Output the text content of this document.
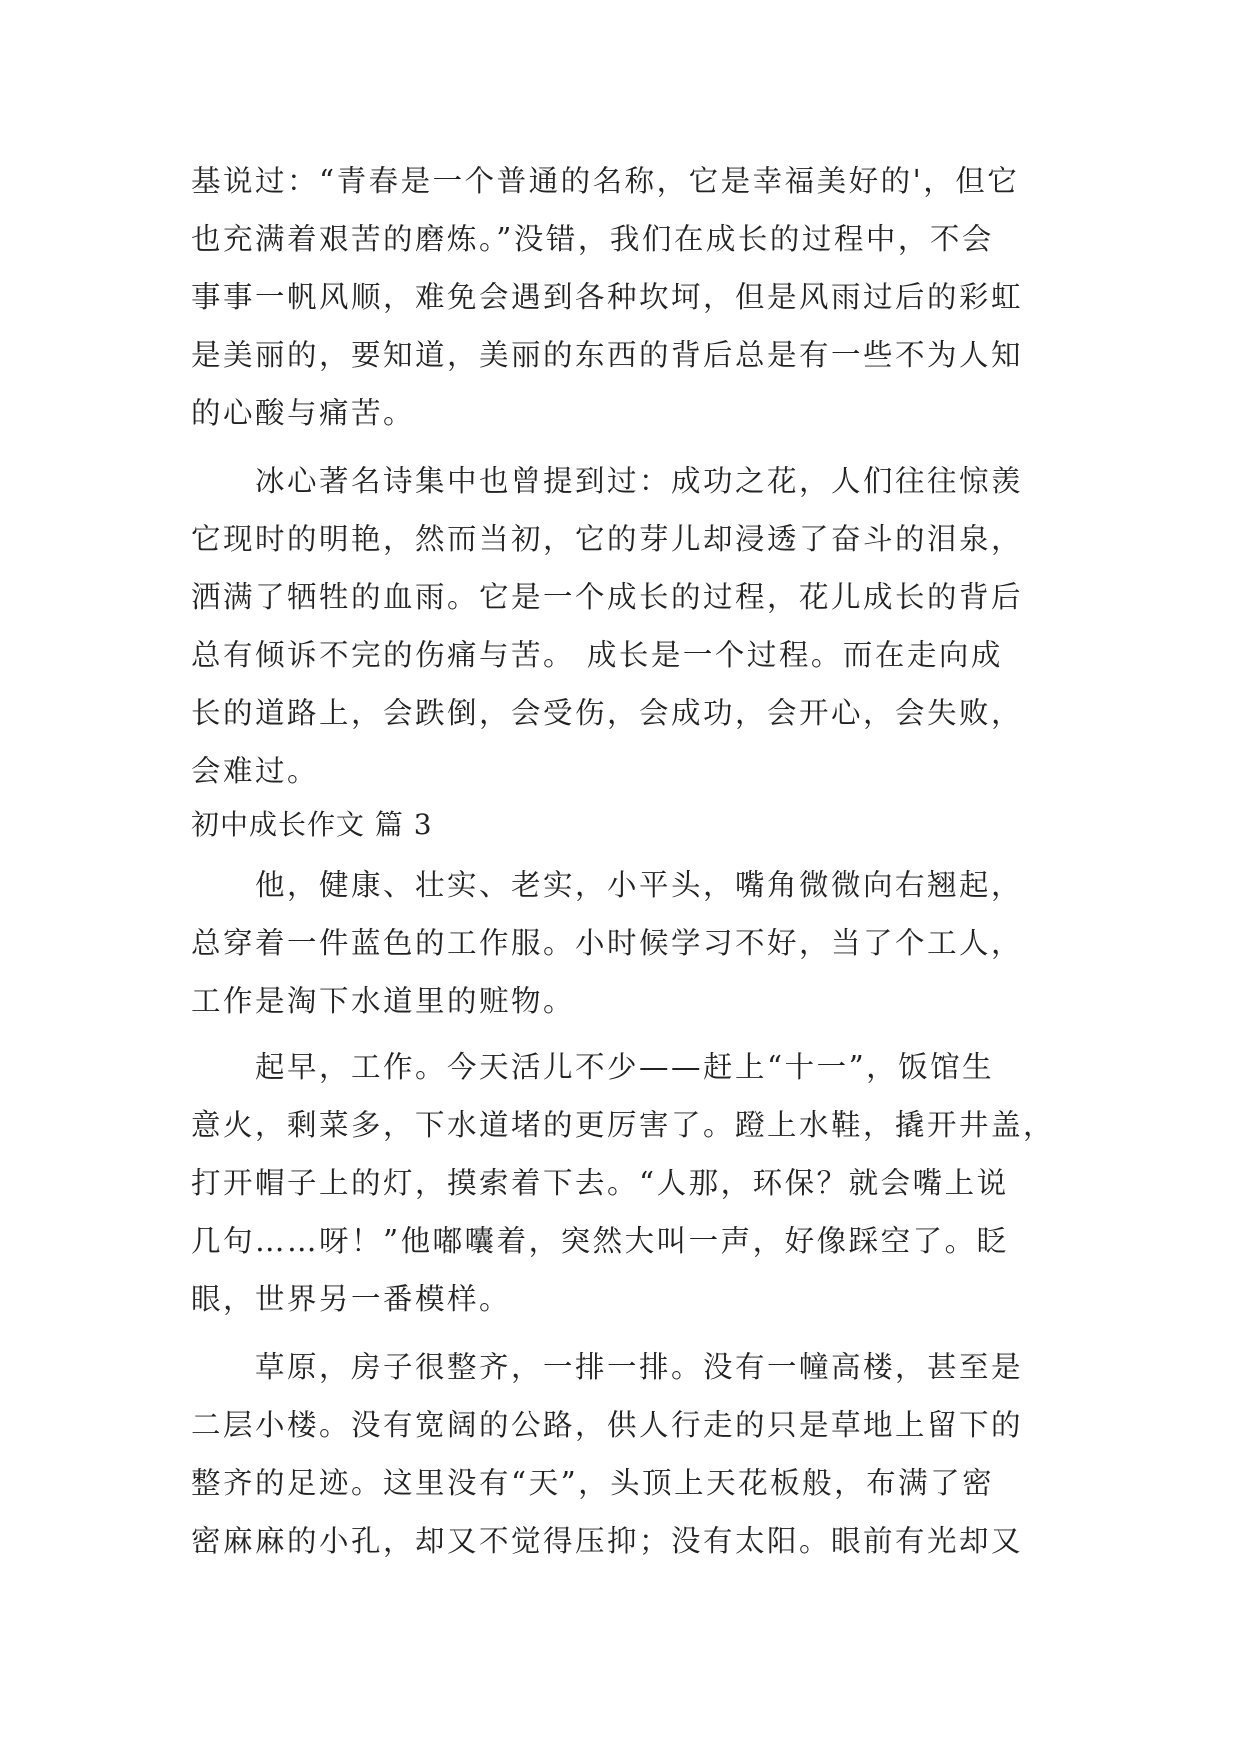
基说过：“青春是一个普通的名称，它是幸福美好的'，但它
也充满着艰苦的磨炼。”没错，我们在成长的过程中，不会
事事一帆风顺，难免会遇到各种坎坷，但是风雨过后的彩虹
是美丽的，要知道，美丽的东西的背后总是有一些不为人知
的心酸与痛苦。
　　冰心著名诗集中也曾提到过：成功之花，人们往往惊羡
它现时的明艳，然而当初，它的芽儿却浸透了奋斗的泪泉，
洒满了牺牲的血雨。它是一个成长的过程，花儿成长的背后
总有倾诉不完的伤痛与苦。 成长是一个过程。而在走向成
长的道路上，会跌倒，会受伤，会成功，会开心，会失败，
会难过。
初中成长作文 篇 3
　　他，健康、壮实、老实，小平头，嘴角微微向右翘起，
总穿着一件蓝色的工作服。小时候学习不好，当了个工人，
工作是淘下水道里的赃物。
　　起早，工作。今天活儿不少——赶上“十一”，饭馆生
意火，剩菜多，下水道堵的更厉害了。蹬上水鞋，撬开井盖，
打开帽子上的灯，摸索着下去。“人那，环保？就会嘴上说
几句……呀！”他嘟囔着，突然大叫一声，好像踩空了。眨
眼，世界另一番模样。
　　草原，房子很整齐，一排一排。没有一幢高楼，甚至是
二层小楼。没有宽阔的公路，供人行走的只是草地上留下的
整齐的足迹。这里没有“天”，头顶上天花板般，布满了密
密麻麻的小孔，却又不觉得压抑；没有太阳。眼前有光却又
